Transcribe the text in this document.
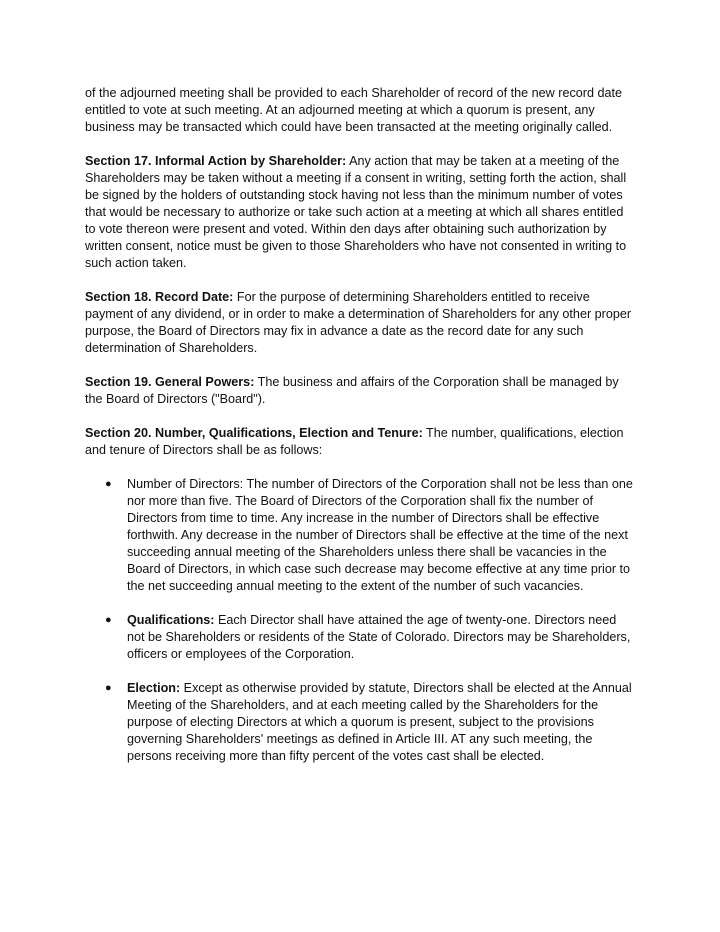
of the adjourned meeting shall be provided to each Shareholder of record of the new record date entitled to vote at such meeting. At an adjourned meeting at which a quorum is present, any business may be transacted which could have been transacted at the meeting originally called.

Section 17. Informal Action by Shareholder: Any action that may be taken at a meeting of the Shareholders may be taken without a meeting if a consent in writing, setting forth the action, shall be signed by the holders of outstanding stock having not less than the minimum number of votes that would be necessary to authorize or take such action at a meeting at which all shares entitled to vote thereon were present and voted. Within den days after obtaining such authorization by written consent, notice must be given to those Shareholders who have not consented in writing to such action taken.

Section 18. Record Date: For the purpose of determining Shareholders entitled to receive payment of any dividend, or in order to make a determination of Shareholders for any other proper purpose, the Board of Directors may fix in advance a date as the record date for any such determination of Shareholders.

Section 19. General Powers: The business and affairs of the Corporation shall be managed by the Board of Directors ("Board").

Section 20. Number, Qualifications, Election and Tenure: The number, qualifications, election and tenure of Directors shall be as follows:

● Number of Directors: The number of Directors of the Corporation shall not be less than one nor more than five. The Board of Directors of the Corporation shall fix the number of Directors from time to time. Any increase in the number of Directors shall be effective forthwith. Any decrease in the number of Directors shall be effective at the time of the next succeeding annual meeting of the Shareholders unless there shall be vacancies in the Board of Directors, in which case such decrease may become effective at any time prior to the net succeeding annual meeting to the extent of the number of such vacancies.
● Qualifications: Each Director shall have attained the age of twenty-one. Directors need not be Shareholders or residents of the State of Colorado. Directors may be Shareholders, officers or employees of the Corporation.
● Election: Except as otherwise provided by statute, Directors shall be elected at the Annual Meeting of the Shareholders, and at each meeting called by the Shareholders for the purpose of electing Directors at which a quorum is present, subject to the provisions governing Shareholders' meetings as defined in Article III. AT any such meeting, the persons receiving more than fifty percent of the votes cast shall be elected.
